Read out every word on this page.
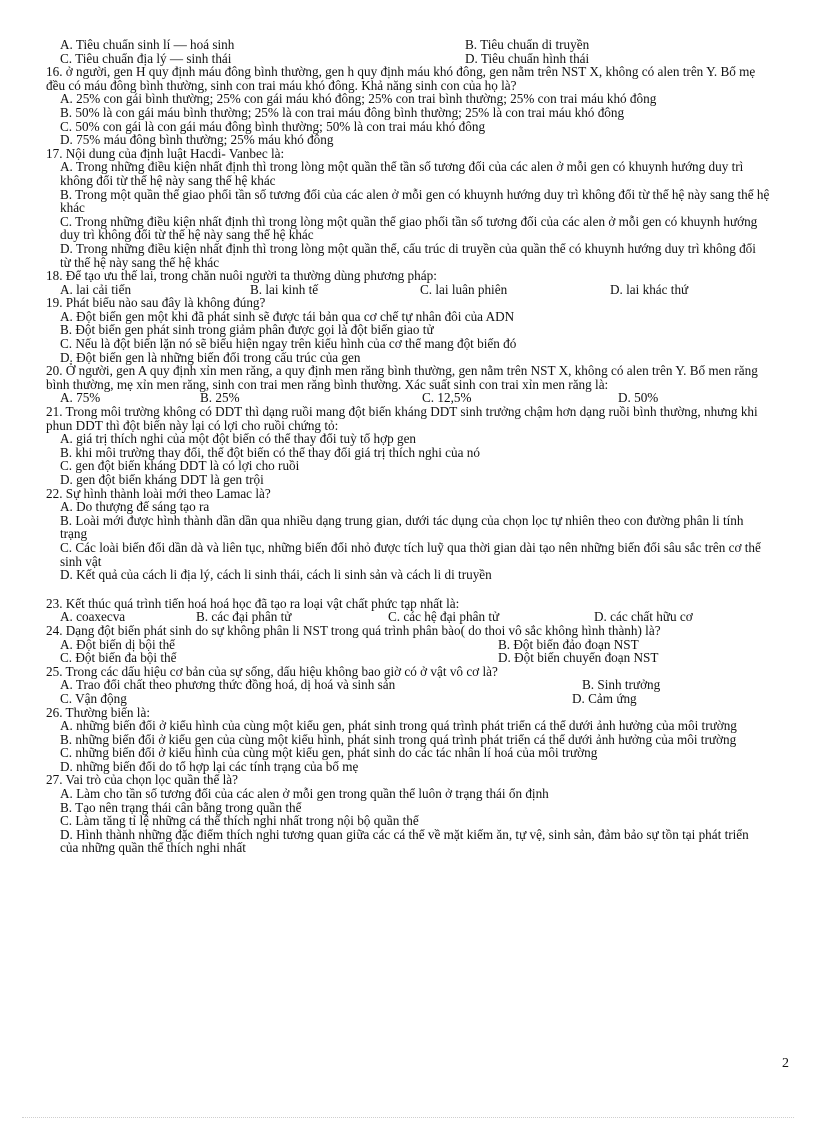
A. Tiêu chuẩn sinh lí — hoá sinh	B. Tiêu chuẩn di truyền
C. Tiêu chuẩn địa lý — sinh thái	D. Tiêu chuẩn hình thái

16. ở người, gen H quy định máu đông bình thường, gen h quy định máu khó đông, gen nằm trên NST X, không có alen trên Y. Bố mẹ đều có máu đông bình thường, sinh con trai máu khó đông. Khả năng sinh con của họ là?

A. 25% con gái bình thường; 25% con gái máu khó đông; 25% con trai bình thường; 25% con trai máu khó đông

B. 50% là con gái máu bình thường; 25% là con trai máu đông bình thường; 25% là con trai máu khó đông

C. 50% con gái là con gái máu đông bình thường; 50% là con trai máu khó đông

D. 75% máu đông bình thường; 25% máu khó đông

17. Nội dung của định luật Hacdi- Vanbec là:

A. Trong những điều kiện nhất định thì trong lòng một quần thể tần số tương đối của các alen ở mỗi gen có khuynh hướng duy trì không đổi từ thế hệ này sang thế hệ khác

B. Trong một quần thể giao phối tần số tương đối của các alen ở mỗi gen có khuynh hướng duy trì không đổi từ thế hệ này sang thế hệ khác

C. Trong những điều kiện nhất định thì trong lòng một quần thể giao phối tần số tương đối của các alen ở mỗi gen có khuynh hướng duy trì không đổi từ thế hệ này sang thế hệ khác

D. Trong những điều kiện nhất định thì trong lòng một quần thể, cấu trúc di truyền của quần thể có khuynh hướng duy trì không đổi từ thế hệ này sang thế hệ khác

18. Để tạo ưu thế lai, trong chăn nuôi người ta thường dùng phương pháp:

A. lai cải tiến	B. lai kinh tế	C. lai luân phiên	D. lai khác thứ

19. Phát biểu nào sau đây là không đúng?

A. Đột biến gen một khi đã phát sinh sẽ được tái bản qua cơ chế tự nhân đôi của ADN

B. Đột biến gen phát sinh trong giảm phân được gọi là đột biến giao tử

C. Nếu là đột biến lặn nó sẽ biểu hiện ngay trên kiểu hình của cơ thể mang đột biến đó

D. Đột biến gen là những biến đổi trong cấu trúc của gen

20. Ở người, gen A quy định xỉn men răng, a quy định men răng bình thường, gen nằm trên NST X, không có alen trên Y. Bố men răng bình thường, mẹ xỉn men răng, sinh con trai men răng bình thường. Xác suất sinh con trai xỉn men răng là:

A. 75%	B. 25%	C. 12,5%	D. 50%

21. Trong môi trường không có DDT thì dạng ruồi mang đột biến kháng DDT sinh trưởng chậm hơn dạng ruồi bình thường, nhưng khi phun DDT thì đột biến này lại có lợi cho ruồi chứng tỏ:

A. giá trị thích nghi của một đột biến có thể thay đổi tuỳ tổ hợp gen

B. khi môi trường thay đổi, thể đột biến có thể thay đổi giá trị thích nghi của nó

C. gen đột biến kháng DDT là có lợi cho ruồi

D. gen đột biến kháng DDT là gen trội

22. Sự hình thành loài mới theo Lamac là?

A. Do thượng đế sáng tạo ra

B. Loài mới được hình thành dần dần qua nhiều dạng trung gian, dưới tác dụng của chọn lọc tự nhiên theo con đường phân li tính trạng

C. Các loài biến đổi dần dà và liên tục, những biến đổi nhỏ được tích luỹ qua thời gian dài tạo nên những biến đổi sâu sắc trên cơ thể sinh vật

D. Kết quả của cách li địa lý, cách li sinh thái, cách li sinh sản và cách li di truyền

23. Kết thúc quá trình tiến hoá hoá học đã tạo ra loại vật chất phức tạp nhất là:

A. coaxecva	B. các đại phân tử	C. các hệ đại phân tử	D. các chất hữu cơ

24. Dạng đột biến phát sinh do sự không phân li NST trong quá trình phân bào( do thoi vô sắc không hình thành) là?

A. Đột biến dị bội thể	B. Đột biến đảo đoạn NST
C. Đột biến đa bội thể	D. Đột biến chuyển đoạn NST

25. Trong các dấu hiệu cơ bản của sự sống, dấu hiệu không bao giờ có ở vật vô cơ là?

A. Trao đổi chất theo phương thức đồng hoá, dị hoá và sinh sản	B. Sinh trưởng
C. Vận động	D. Cảm ứng

26. Thường biến là:

A. những biến đổi ở kiểu hình của cùng một kiểu gen, phát sinh trong quá trình phát triển cá thể dưới ảnh hưởng của môi trường

B. những biến đổi ở kiểu gen của cùng một kiểu hình, phát sinh trong quá trình phát triển cá thể dưới ảnh hưởng của môi trường

C. những biến đổi ở kiểu hình của cùng một kiểu gen, phát sinh do các tác nhân lí hoá của môi trường

D. những biến đổi do tổ hợp lại các tính trạng của bố mẹ

27. Vai trò của chọn lọc quần thể là?

A. Làm cho tần số tương đối của các alen ở mỗi gen trong quần thể luôn ở trạng thái ổn định

B. Tạo nên trạng thái cân bằng trong quần thể

C. Làm tăng tỉ lệ những cá thể thích nghi nhất trong nội bộ quần thể

D. Hình thành những đặc điểm thích nghi tương quan giữa các cá thể về mặt kiếm ăn, tự vệ, sinh sản, đảm bảo sự tồn tại phát triển của những quần thể thích nghi nhất

2
